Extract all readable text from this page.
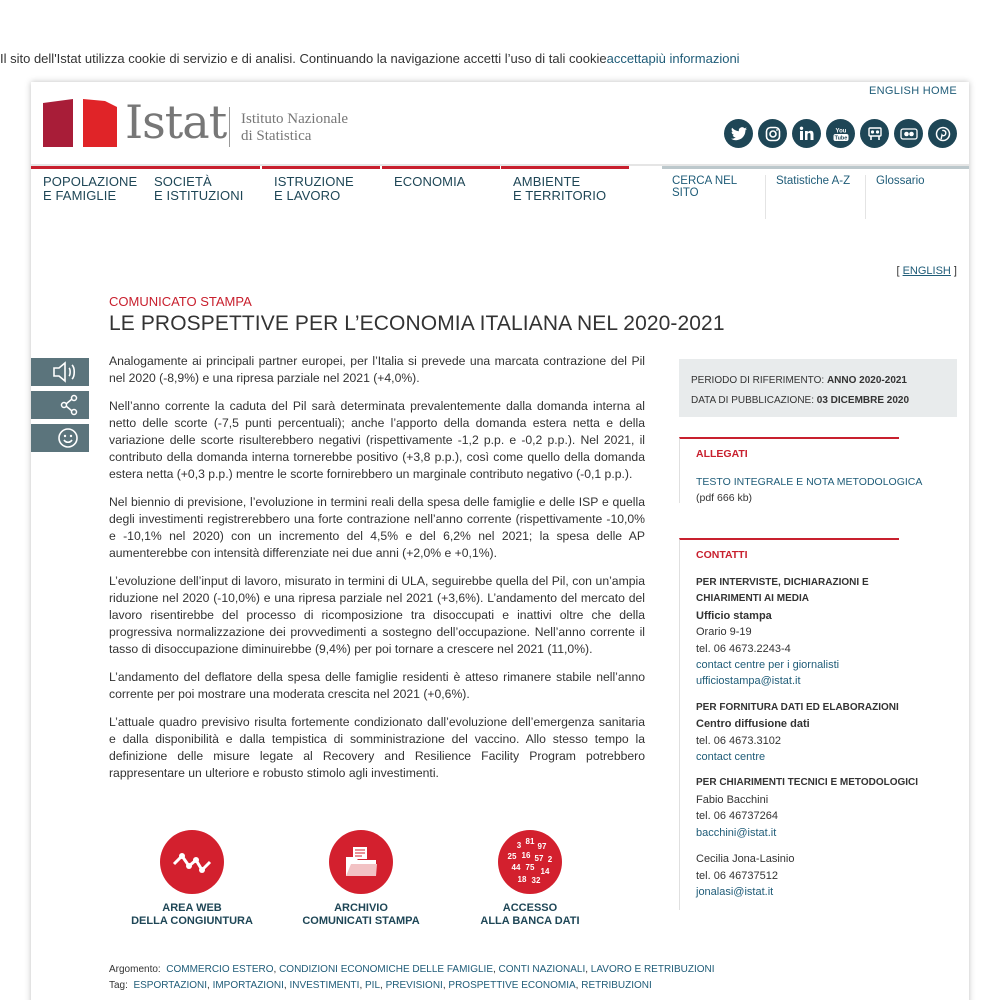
Il sito dell'Istat utilizza cookie di servizio e di analisi. Continuando la navigazione accetti l’uso di tali cookieaccettapiù informazioni
ENGLISH HOME
Istat Istituto Nazionale
di Statistica	You
Tube
POPOLAZIONE
E FAMIGLIE
SOCIETÀ
E ISTITUZIONI
ISTRUZIONE
E LAVORO
ECONOMIA	AMBIENTE
E TERRITORIO
CERCA NEL SITO
Statistiche A-Z	Glossario
[ ENGLISH ]
COMUNICATO STAMPA
LE PROSPETTIVE PER L’ECONOMIA ITALIANA NEL 2020-2021

Analogamente ai principali partner europei, per l’Italia si prevede una marcata contrazione del Pil nel 2020 (-8,9%) e una ripresa parziale nel 2021 (+4,0%).

Nell’anno corrente la caduta del Pil sarà determinata prevalentemente dalla domanda interna al netto delle scorte (-7,5 punti percentuali); anche l’apporto della domanda estera netta e della variazione delle scorte risulterebbero negativi (rispettivamente -1,2 p.p. e -0,2 p.p.). Nel 2021, il contributo della domanda interna tornerebbe positivo (+3,8 p.p.), così come quello della domanda estera netta (+0,3 p.p.) mentre le scorte fornirebbero un marginale contributo negativo (-0,1 p.p.).

Nel biennio di previsione, l’evoluzione in termini reali della spesa delle famiglie e delle ISP e quella degli investimenti registrerebbero una forte contrazione nell’anno corrente (rispettivamente -10,0% e -10,1% nel 2020) con un incremento del 4,5% e del 6,2% nel 2021; la spesa delle AP aumenterebbe con intensità differenziate nei due anni (+2,0% e +0,1%).

L’evoluzione dell’input di lavoro, misurato in termini di ULA, seguirebbe quella del Pil, con un’ampia riduzione nel 2020 (-10,0%) e una ripresa parziale nel 2021 (+3,6%). L’andamento del mercato del lavoro risentirebbe del processo di ricomposizione tra disoccupati e inattivi oltre che della progressiva normalizzazione dei provvedimenti a sostegno dell’occupazione. Nell’anno corrente il tasso di disoccupazione diminuirebbe (9,4%) per poi tornare a crescere nel 2021 (11,0%).

L’andamento del deflatore della spesa delle famiglie residenti è atteso rimanere stabile nell’anno corrente per poi mostrare una moderata crescita nel 2021 (+0,6%).

L’attuale quadro previsivo risulta fortemente condizionato dall’evoluzione dell’emergenza sanitaria e dalla disponibilità e dalla tempistica di somministrazione del vaccino. Allo stesso tempo la definizione delle misure legate al Recovery and Resilience Facility Program potrebbero rappresentare un ulteriore e robusto stimolo agli investimenti.

AREA WEB
DELLA CONGIUNTURA
ARCHIVIO
COMUNICATI STAMPA
81
3 97
25 16 57 2
44 75 14
18 32
ACCESSO
ALLA BANCA DATI
Argomento: COMMERCIO ESTERO, CONDIZIONI ECONOMICHE DELLE FAMIGLIE, CONTI NAZIONALI, LAVORO E RETRIBUZIONI
Tag: ESPORTAZIONI, IMPORTAZIONI, INVESTIMENTI, PIL, PREVISIONI, PROSPETTIVE ECONOMIA, RETRIBUZIONI
PERIODO DI RIFERIMENTO: ANNO 2020-2021
DATA DI PUBBLICAZIONE: 03 DICEMBRE 2020
ALLEGATI
TESTO INTEGRALE E NOTA METODOLOGICA
(pdf 666 kb)
CONTATTI
PER INTERVISTE, DICHIARAZIONI E
CHIARIMENTI AI MEDIA
Ufficio stampa
Orario 9-19
tel. 06 4673.2243-4
contact centre per i giornalisti
ufficiostampa@istat.it
PER FORNITURA DATI ED ELABORAZIONI
Centro diffusione dati
tel. 06 4673.3102
contact centre
PER CHIARIMENTI TECNICI E METODOLOGICI
Fabio Bacchini
tel. 06 46737264
bacchini@istat.it
Cecilia Jona-Lasinio
tel. 06 46737512
jonalasi@istat.it
